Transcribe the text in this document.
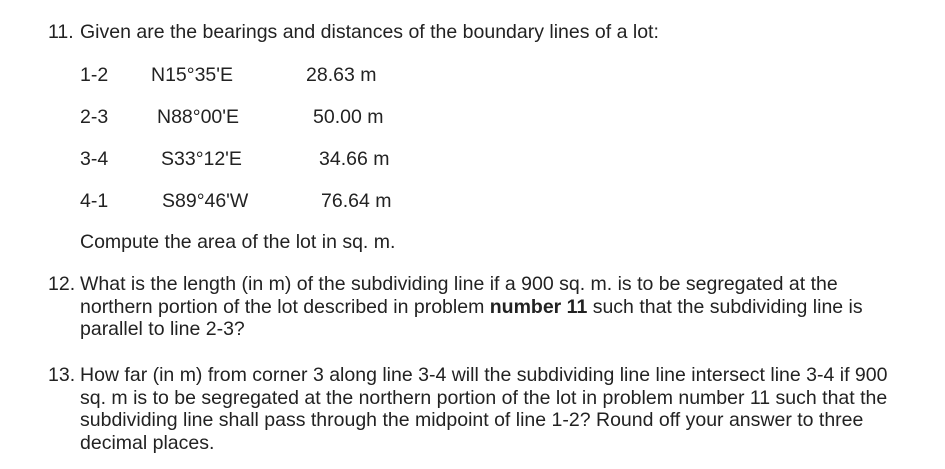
11. Given are the bearings and distances of the boundary lines of a lot:
1-2 N15°35'E	28.63 m
2-3	N88°00'E	50.00 m
3-4	S33°12'E	34.66 m
4-1	S89°46'W	76.64 m
Compute the area of the lot in sq. m.
12. What is the length (in m) of the subdividing line if a 900 sq. m. is to be segregated at the northern portion of the lot described in problem number 11 such that the subdividing line is parallel to line 2-3?
13. How far (in m) from corner 3 along line 3-4 will the subdividing line line intersect line 3-4 if 900 sq. m is to be segregated at the northern portion of the lot in problem number 11 such that the subdividing line shall pass through the midpoint of line 1-2? Round off your answer to three decimal places.
